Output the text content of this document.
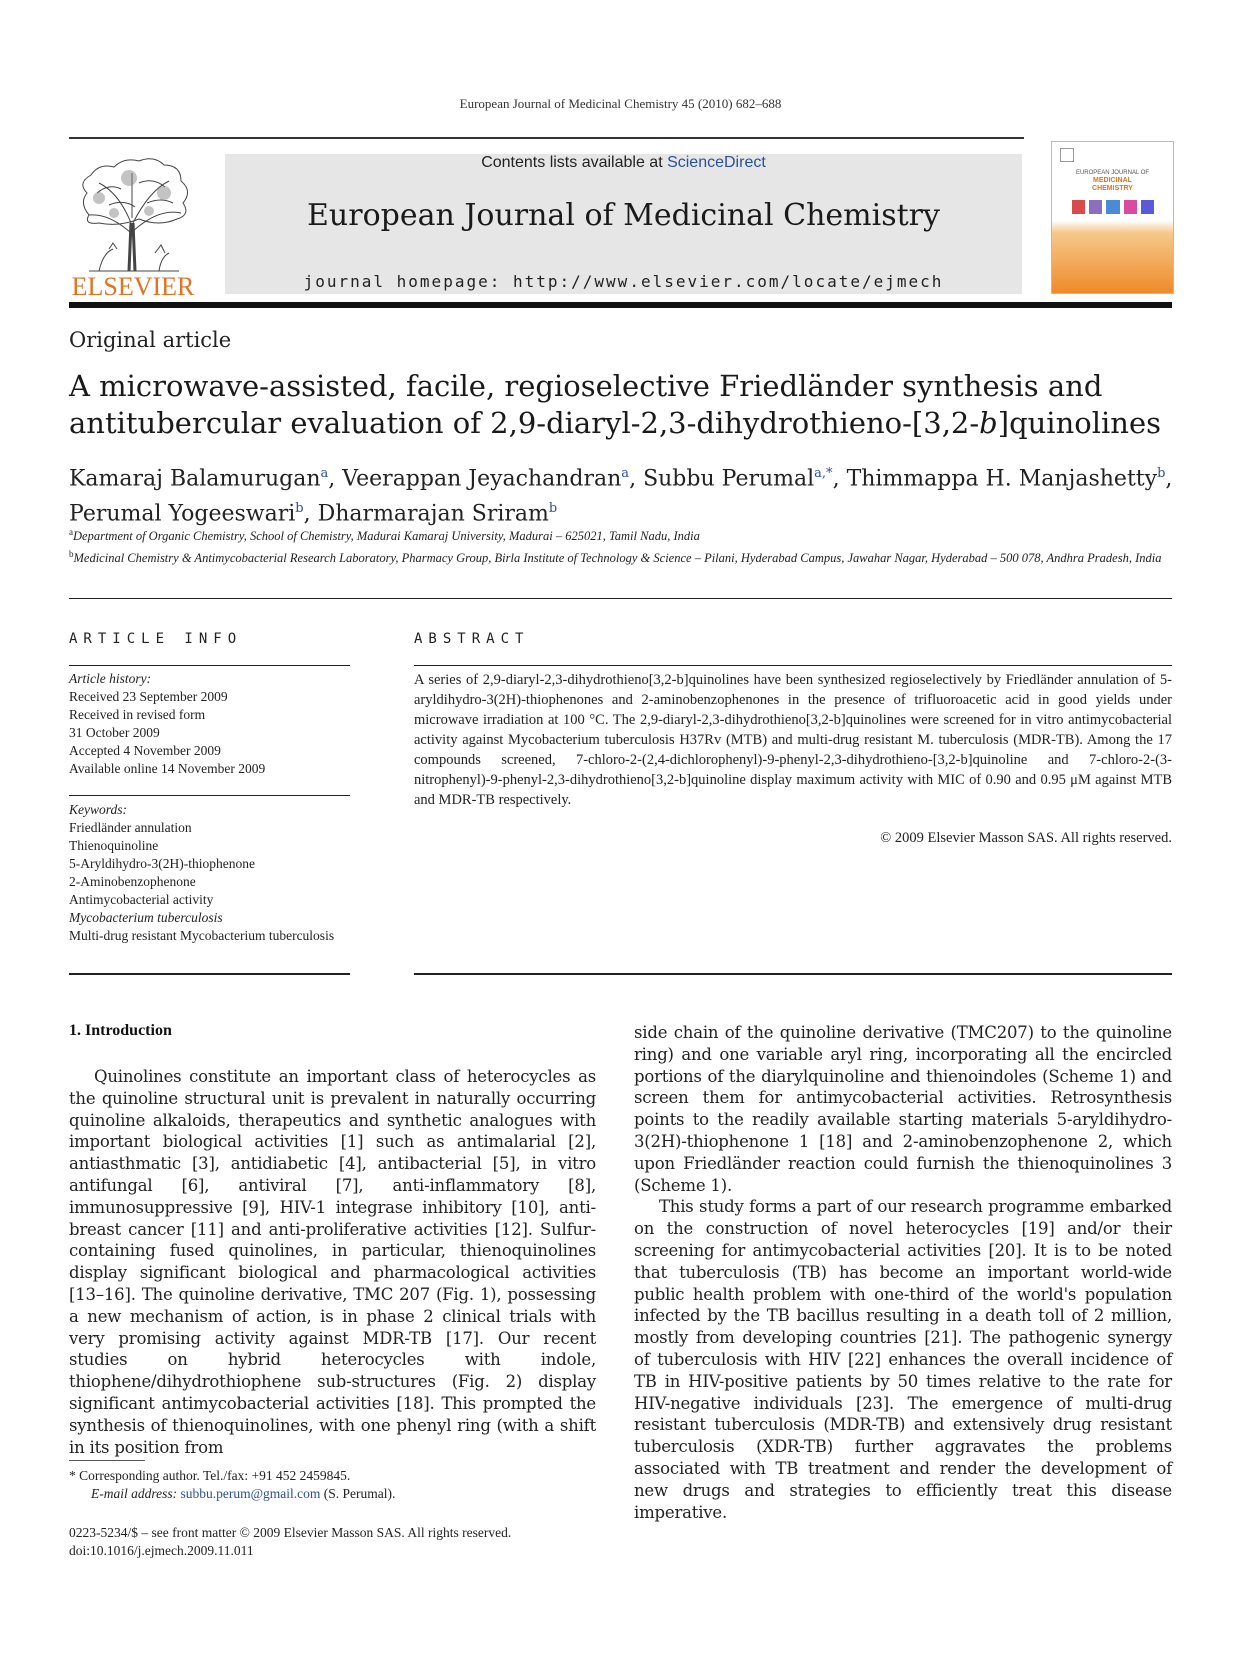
European Journal of Medicinal Chemistry 45 (2010) 682–688
ELSEVIER
Contents lists available at ScienceDirect
European Journal of Medicinal Chemistry
journal homepage: http://www.elsevier.com/locate/ejmech
EUROPEAN JOURNAL OF
MEDICINAL
CHEMISTRY
Original article
A microwave-assisted, facile, regioselective Friedländer synthesis and antitubercular evaluation of 2,9-diaryl-2,3-dihydrothieno-[3,2-b]quinolines
Kamaraj Balamurugan$^a$, Veerappan Jeyachandran$^a$, Subbu Perumal$^{a,*}$, Thimmappa H. Manjashetty$^b$,
Perumal Yogeeswari$^b$, Dharmarajan Sriram$^b$
$^a$Department of Organic Chemistry, School of Chemistry, Madurai Kamaraj University, Madurai – 625021, Tamil Nadu, India
$^b$Medicinal Chemistry & Antimycobacterial Research Laboratory, Pharmacy Group, Birla Institute of Technology & Science – Pilani, Hyderabad Campus, Jawahar Nagar, Hyderabad – 500 078, Andhra Pradesh, India
ARTICLE INFO	ABSTRACT
Article history:
Received 23 September 2009
Received in revised form
31 October 2009
Accepted 4 November 2009
Available online 14 November 2009
Keywords:
Friedländer annulation
Thienoquinoline
5-Aryldihydro-3(2H)-thiophenone
2-Aminobenzophenone
Antimycobacterial activity
Mycobacterium tuberculosis
Multi-drug resistant Mycobacterium tuberculosis
A series of 2,9-diaryl-2,3-dihydrothieno[3,2-b]quinolines have been synthesized regioselectively by Friedländer annulation of 5-aryldihydro-3(2H)-thiophenones and 2-aminobenzophenones in the presence of trifluoroacetic acid in good yields under microwave irradiation at 100 °C. The 2,9-diaryl-2,3-dihydrothieno[3,2-b]quinolines were screened for in vitro antimycobacterial activity against Mycobacterium tuberculosis H37Rv (MTB) and multi-drug resistant M. tuberculosis (MDR-TB). Among the 17 compounds screened, 7-chloro-2-(2,4-dichlorophenyl)-9-phenyl-2,3-dihydrothieno-[3,2-b]quinoline and 7-chloro-2-(3-nitrophenyl)-9-phenyl-2,3-dihydrothieno[3,2-b]quinoline display maximum activity with MIC of 0.90 and 0.95 μM against MTB and MDR-TB respectively.
© 2009 Elsevier Masson SAS. All rights reserved.
1. Introduction
Quinolines constitute an important class of heterocycles as the quinoline structural unit is prevalent in naturally occurring quinoline alkaloids, therapeutics and synthetic analogues with important biological activities [1] such as antimalarial [2], antiasthmatic [3], antidiabetic [4], antibacterial [5], in vitro antifungal [6], antiviral [7], anti-inflammatory [8], immunosuppressive [9], HIV-1 integrase inhibitory [10], anti-breast cancer [11] and anti-proliferative activities [12]. Sulfur-containing fused quinolines, in particular, thienoquinolines display significant biological and pharmacological activities [13–16]. The quinoline derivative, TMC 207 (Fig. 1), possessing a new mechanism of action, is in phase 2 clinical trials with very promising activity against MDR-TB [17]. Our recent studies on hybrid heterocycles with indole, thiophene/dihydrothiophene sub-structures (Fig. 2) display significant antimycobacterial activities [18]. This prompted the synthesis of thienoquinolines, with one phenyl ring (with a shift in its position from

side chain of the quinoline derivative (TMC207) to the quinoline ring) and one variable aryl ring, incorporating all the encircled portions of the diarylquinoline and thienoindoles (Scheme 1) and screen them for antimycobacterial activities. Retrosynthesis points to the readily available starting materials 5-aryldihydro-3(2H)-thiophenone 1 [18] and 2-aminobenzophenone 2, which upon Friedländer reaction could furnish the thienoquinolines 3 (Scheme 1).

This study forms a part of our research programme embarked on the construction of novel heterocycles [19] and/or their screening for antimycobacterial activities [20]. It is to be noted that tuberculosis (TB) has become an important world-wide public health problem with one-third of the world's population infected by the TB bacillus resulting in a death toll of 2 million, mostly from developing countries [21]. The pathogenic synergy of tuberculosis with HIV [22] enhances the overall incidence of TB in HIV-positive patients by 50 times relative to the rate for HIV-negative individuals [23]. The emergence of multi-drug resistant tuberculosis (MDR-TB) and extensively drug resistant tuberculosis (XDR-TB) further aggravates the problems associated with TB treatment and render the development of new drugs and strategies to efficiently treat this disease imperative.

* Corresponding author. Tel./fax: +91 452 2459845.
E-mail address: subbu.perum@gmail.com (S. Perumal).
0223-5234/$ – see front matter © 2009 Elsevier Masson SAS. All rights reserved.
doi:10.1016/j.ejmech.2009.11.011
